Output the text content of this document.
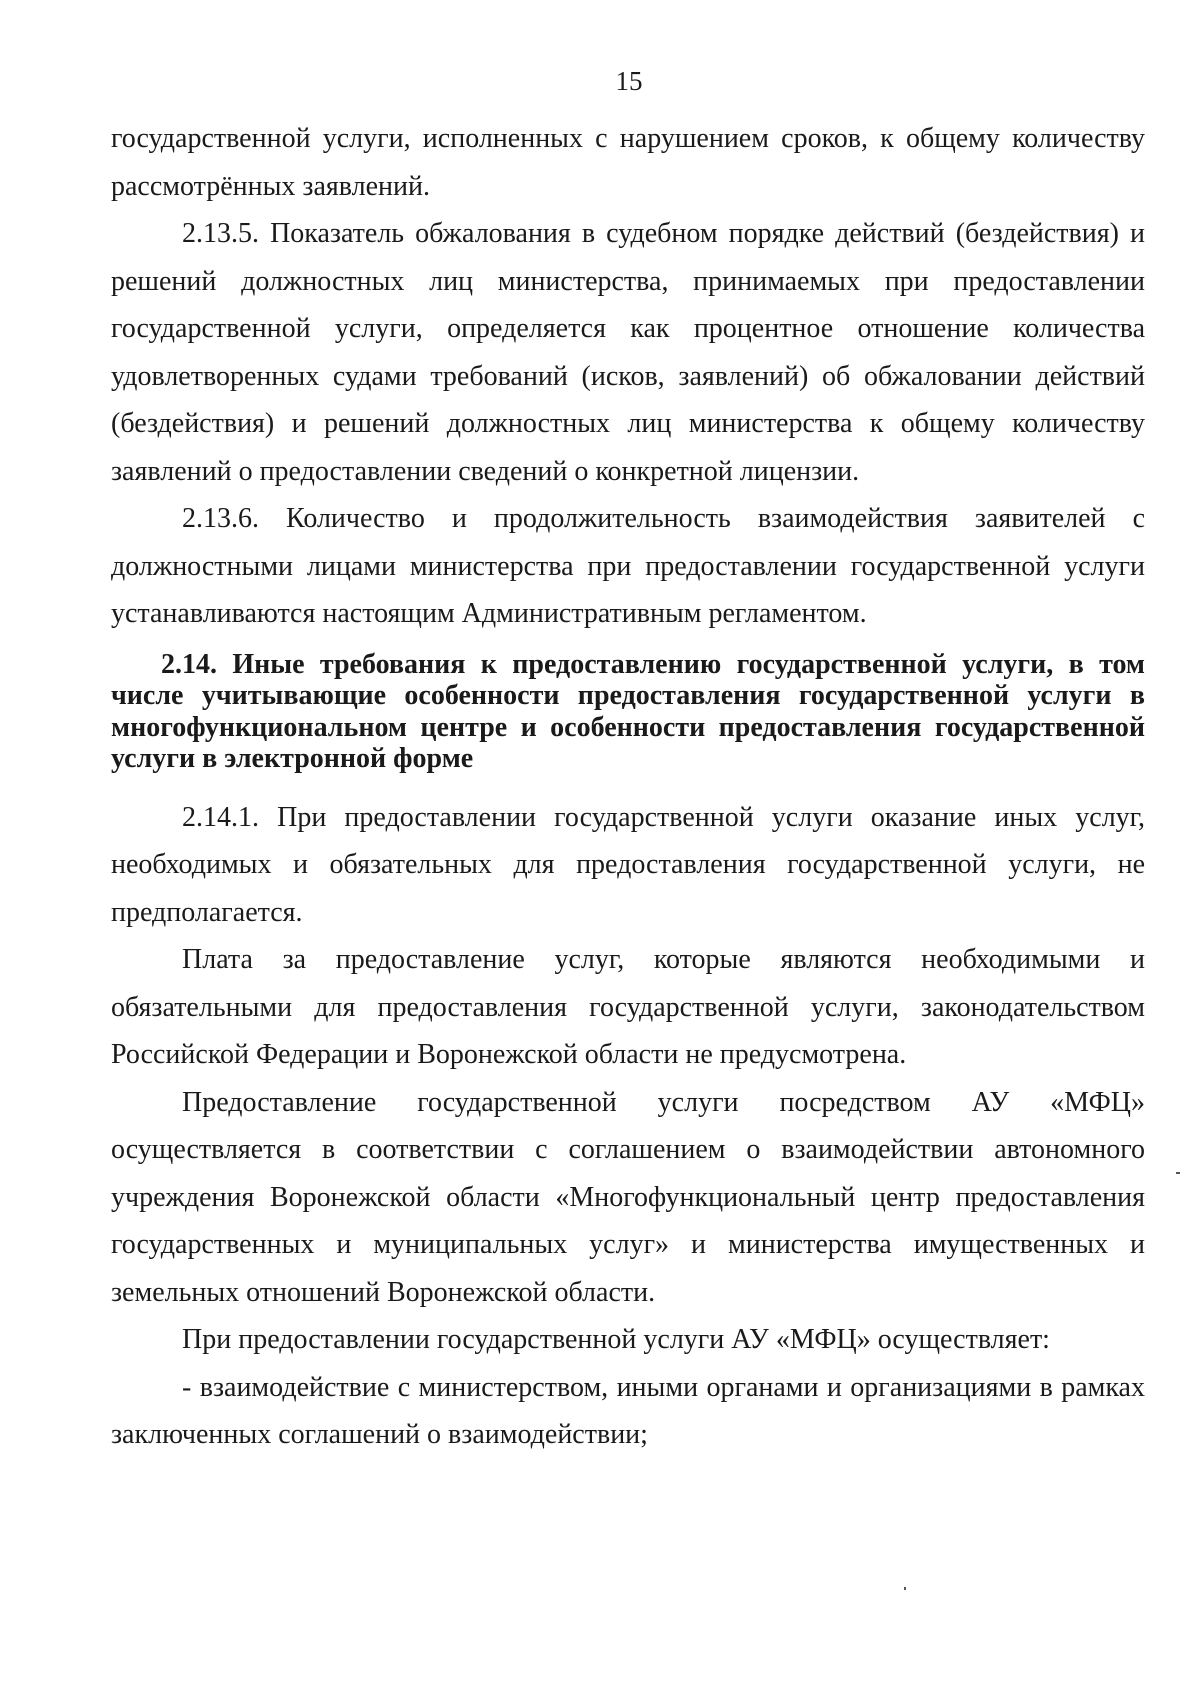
15

государственной услуги, исполненных с нарушением сроков, к общему количеству рассмотрённых заявлений.

2.13.5. Показатель обжалования в судебном порядке действий (бездействия) и решений должностных лиц министерства, принимаемых при предоставлении государственной услуги, определяется как процентное отношение количества удовлетворенных судами требований (исков, заявлений) об обжаловании действий (бездействия) и решений должностных лиц министерства к общему количеству заявлений о предоставлении сведений о конкретной лицензии.

2.13.6. Количество и продолжительность взаимодействия заявителей с должностными лицами министерства при предоставлении государственной услуги устанавливаются настоящим Административным регламентом.

2.14. Иные требования к предоставлению государственной услуги, в том числе учитывающие особенности предоставления государственной услуги в многофункциональном центре и особенности предоставления государственной услуги в электронной форме

2.14.1. При предоставлении государственной услуги оказание иных услуг, необходимых и обязательных для предоставления государственной услуги, не предполагается.

Плата за предоставление услуг, которые являются необходимыми и обязательными для предоставления государственной услуги, законодательством Российской Федерации и Воронежской области не предусмотрена.

Предоставление государственной услуги посредством АУ «МФЦ» осуществляется в соответствии с соглашением о взаимодействии автономного учреждения Воронежской области «Многофункциональный центр предоставления государственных и муниципальных услуг» и министерства имущественных и земельных отношений Воронежской области.

При предоставлении государственной услуги АУ «МФЦ» осуществляет:

- взаимодействие с министерством, иными органами и организациями в рамках заключенных соглашений о взаимодействии;
